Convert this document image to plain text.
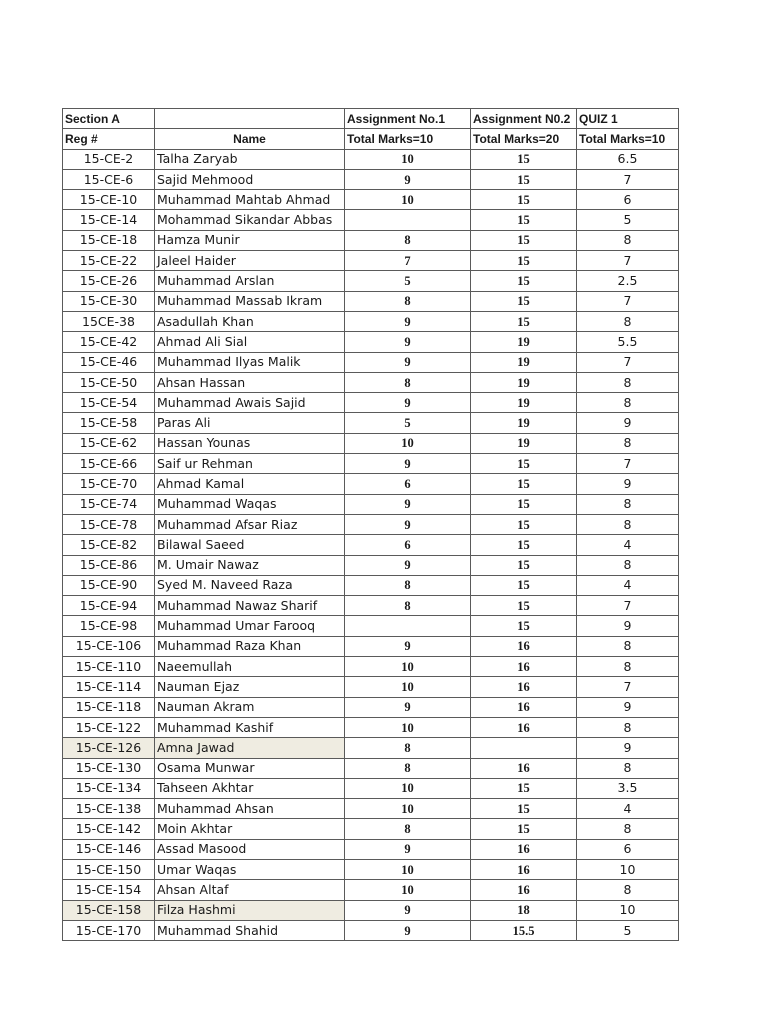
Section A		Assignment No.1	Assignment N0.2	QUIZ 1
Reg #	Name	Total Marks=10	Total Marks=20	Total Marks=10
15-CE-2	Talha Zaryab	10	15	6.5
15-CE-6	Sajid Mehmood	9	15	7
15-CE-10	Muhammad Mahtab Ahmad	10	15	6
15-CE-14	Mohammad Sikandar Abbas		15	5
15-CE-18	Hamza Munir	8	15	8
15-CE-22	Jaleel Haider	7	15	7
15-CE-26	Muhammad Arslan	5	15	2.5
15-CE-30	Muhammad Massab Ikram	8	15	7
15CE-38	Asadullah Khan	9	15	8
15-CE-42	Ahmad Ali Sial	9	19	5.5
15-CE-46	Muhammad Ilyas Malik	9	19	7
15-CE-50	Ahsan Hassan	8	19	8
15-CE-54	Muhammad Awais Sajid	9	19	8
15-CE-58	Paras Ali	5	19	9
15-CE-62	Hassan Younas	10	19	8
15-CE-66	Saif ur Rehman	9	15	7
15-CE-70	Ahmad Kamal	6	15	9
15-CE-74	Muhammad Waqas	9	15	8
15-CE-78	Muhammad Afsar Riaz	9	15	8
15-CE-82	Bilawal Saeed	6	15	4
15-CE-86	M. Umair Nawaz	9	15	8
15-CE-90	Syed M. Naveed Raza	8	15	4
15-CE-94	Muhammad Nawaz Sharif	8	15	7
15-CE-98	Muhammad Umar Farooq		15	9
15-CE-106	Muhammad Raza Khan	9	16	8
15-CE-110	Naeemullah	10	16	8
15-CE-114	Nauman Ejaz	10	16	7
15-CE-118	Nauman Akram	9	16	9
15-CE-122	Muhammad Kashif	10	16	8
15-CE-126	Amna Jawad	8		9
15-CE-130	Osama Munwar	8	16	8
15-CE-134	Tahseen Akhtar	10	15	3.5
15-CE-138	Muhammad Ahsan	10	15	4
15-CE-142	Moin Akhtar	8	15	8
15-CE-146	Assad Masood	9	16	6
15-CE-150	Umar Waqas	10	16	10
15-CE-154	Ahsan Altaf	10	16	8
15-CE-158	Filza Hashmi	9	18	10
15-CE-170	Muhammad Shahid	9	15.5	5
